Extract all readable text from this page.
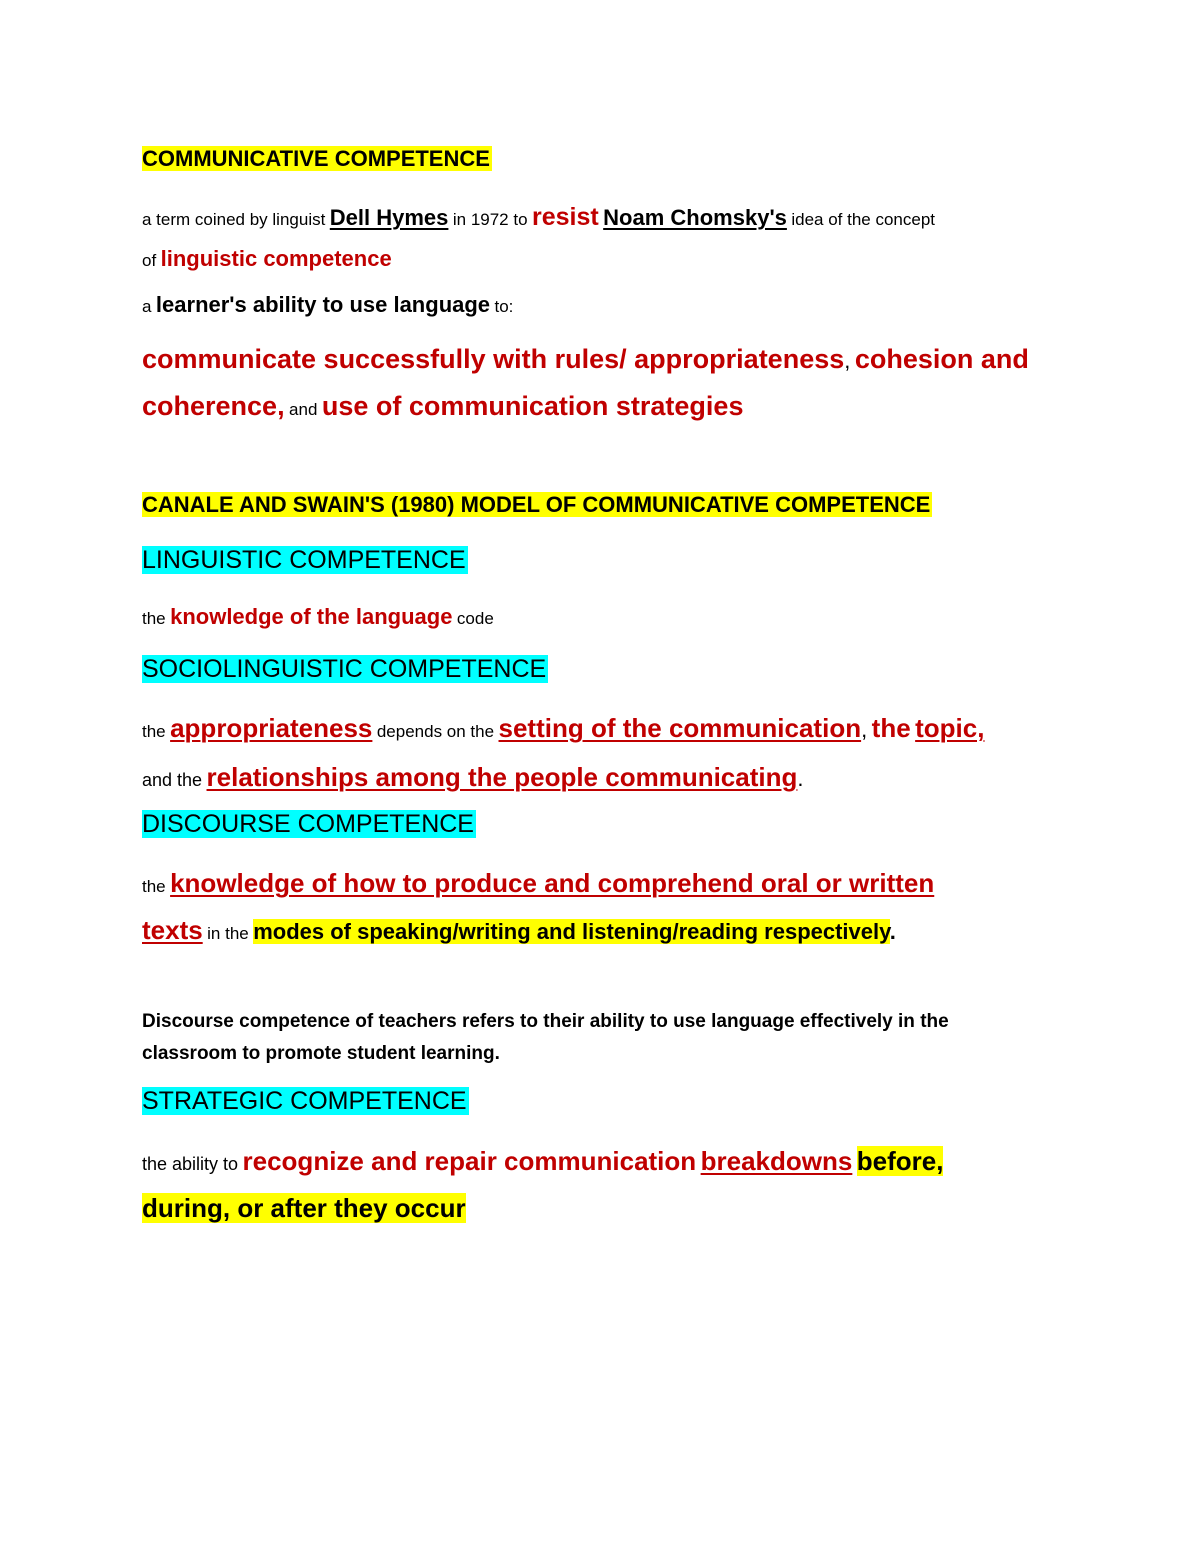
COMMUNICATIVE COMPETENCE
a term coined by linguist Dell Hymes in 1972 to resist Noam Chomsky's idea of the concept
of linguistic competence
a learner's ability to use language to:
communicate successfully with rules/ appropriateness, cohesion and
coherence, and use of communication strategies
CANALE AND SWAIN'S (1980) MODEL OF COMMUNICATIVE COMPETENCE
LINGUISTIC COMPETENCE
the knowledge of the language code
SOCIOLINGUISTIC COMPETENCE
the appropriateness depends on the setting of the communication, the topic,
and the relationships among the people communicating.
DISCOURSE COMPETENCE
the knowledge of how to produce and comprehend oral or written
texts in the modes of speaking/writing and listening/reading respectively.
Discourse competence of teachers refers to their ability to use language effectively in the
classroom to promote student learning.
STRATEGIC COMPETENCE
the ability to recognize and repair communication breakdowns before,
during, or after they occur
